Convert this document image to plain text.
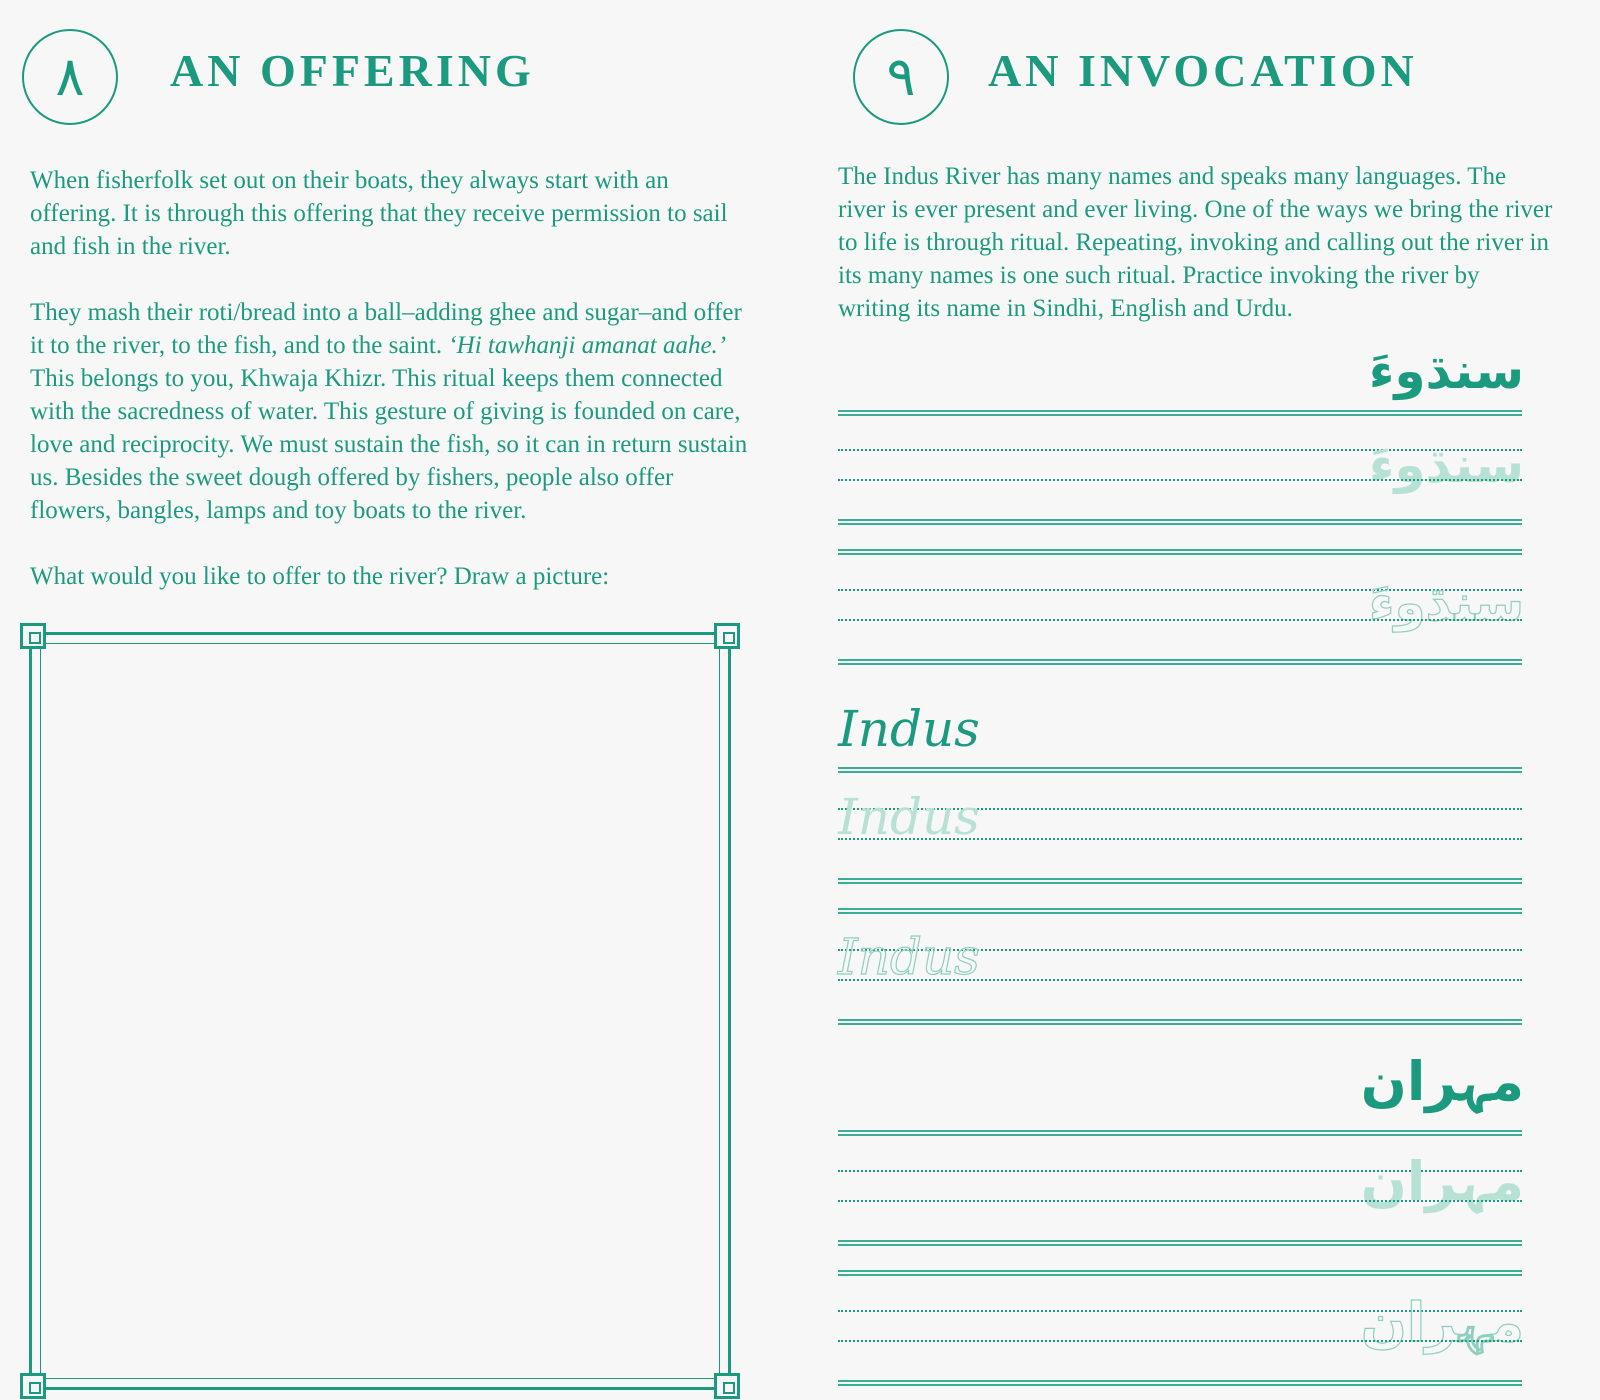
٨ AN OFFERING

When fisherfolk set out on their boats, they always start with an offering. It is through this offering that they receive permission to sail and fish in the river.

They mash their roti/bread into a ball–adding ghee and sugar–and offer it to the river, to the fish, and to the saint. ‘Hi tawhanji amanat aahe.’ This belongs to you, Khwaja Khizr. This ritual keeps them connected with the sacredness of water. This gesture of giving is founded on care, love and reciprocity. We must sustain the fish, so it can in return sustain us. Besides the sweet dough offered by fishers, people also offer flowers, bangles, lamps and toy boats to the river.

What would you like to offer to the river? Draw a picture:

٩ AN INVOCATION
The Indus River has many names and speaks many languages. The river is ever present and ever living. One of the ways we bring the river to life is through ritual. Repeating, invoking and calling out the river in its many names is one such ritual. Practice invoking the river by writing its name in Sindhi, English and Urdu.
سنڌوءَ
سنڌوءَ
سنڌوءَ
Indus
Indus
Indus
مہران
مہران
مہران
